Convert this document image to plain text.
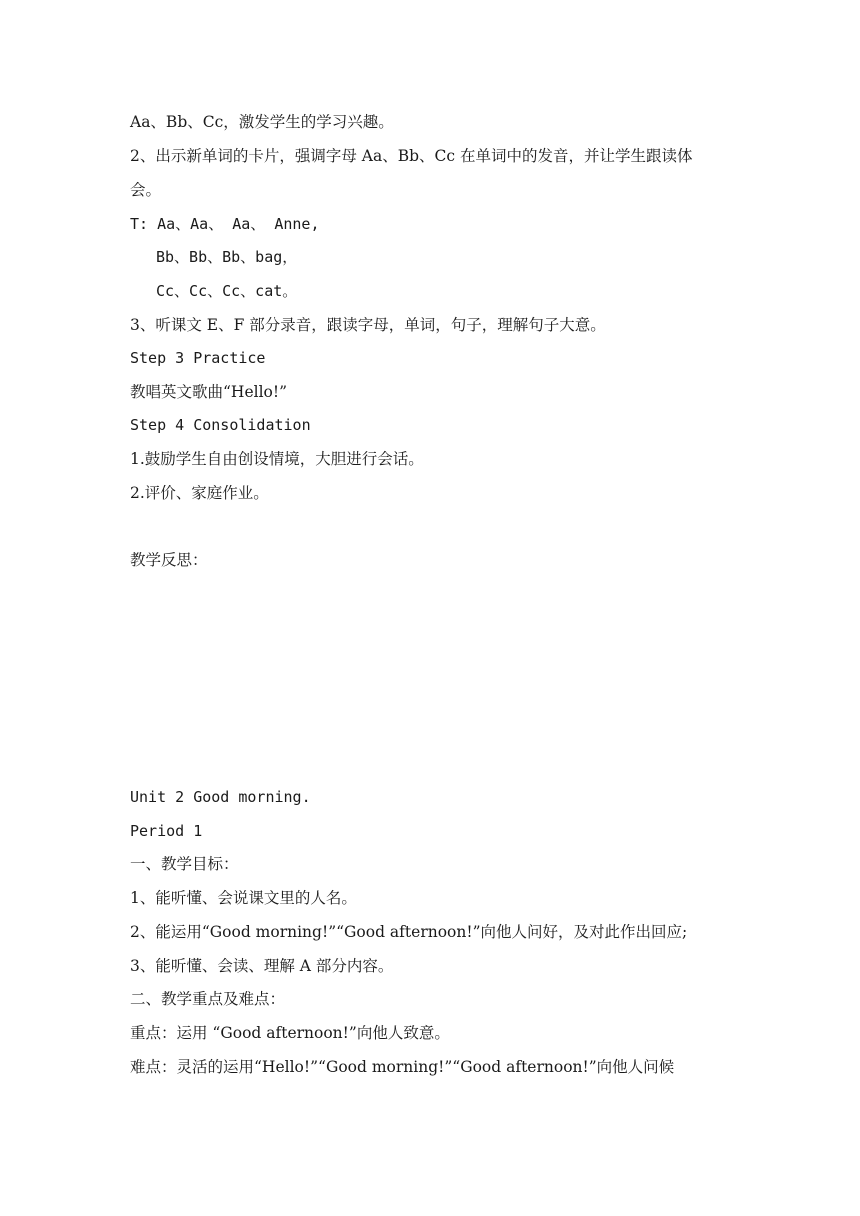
Aa、Bb、Cc，激发学生的学习兴趣。
2、出示新单词的卡片，强调字母 Aa、Bb、Cc 在单词中的发音，并让学生跟读体
会。
T: Aa、Aa、 Aa、 Anne,
Bb、Bb、Bb、bag，
Cc、Cc、Cc、cat。
3、听课文 E、F 部分录音，跟读字母，单词，句子，理解句子大意。
Step 3 Practice
教唱英文歌曲“Hello!”
Step 4 Consolidation
1.鼓励学生自由创设情境，大胆进行会话。
2.评价、家庭作业。
教学反思：
Unit 2 Good morning.
Period 1
一、教学目标：
1、能听懂、会说课文里的人名。
2、能运用“Good morning!”“Good afternoon!”向他人问好，及对此作出回应;
3、能听懂、会读、理解 A 部分内容。
二、教学重点及难点：
重点：运用 “Good afternoon!”向他人致意。
难点：灵活的运用“Hello!”“Good morning!”“Good afternoon!”向他人问候
